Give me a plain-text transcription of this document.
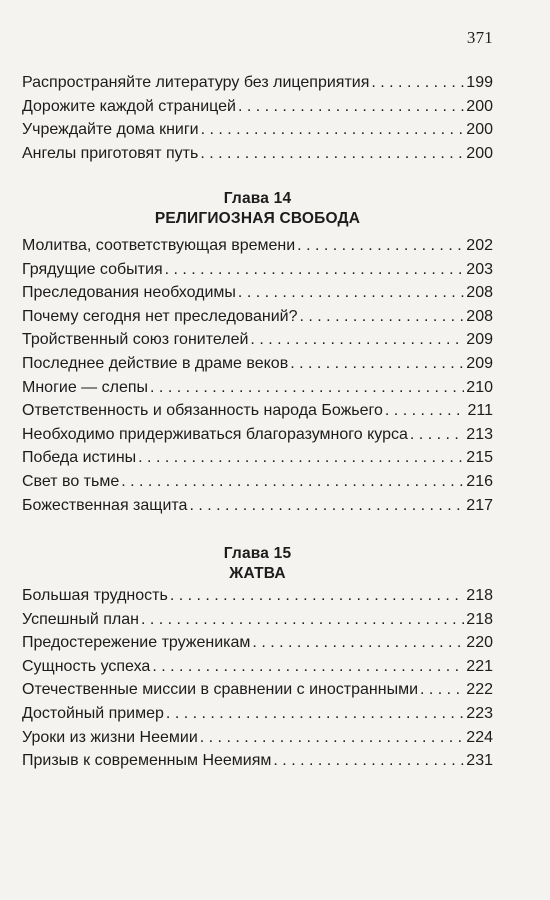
371
Распространяйте литературу без лицеприятия . . .	199
Дорожите каждой страницей . . .	200
Учреждайте дома книги . . .	200
Ангелы приготовят путь . . .	200
Глава 14
РЕЛИГИОЗНАЯ СВОБОДА
Молитва, соответствующая времени . . .	202
Грядущие события . . .	203
Преследования необходимы . . .	208
Почему сегодня нет преследований? . . .	208
Тройственный союз гонителей . . .	209
Последнее действие в драме веков . . .	209
Многие — слепы . . .	210
Ответственность и обязанность народа Божьего . . .	211
Необходимо придерживаться благоразумного курса . . .	213
Победа истины . . .	215
Свет во тьме . . .	216
Божественная защита . . .	217
Глава 15
ЖАТВА
Большая трудность . . .	218
Успешный план . . .	218
Предостережение труженикам . . .	220
Сущность успеха . . .	221
Отечественные миссии в сравнении с иностранными . . .	222
Достойный пример . . .	223
Уроки из жизни Неемии . . .	224
Призыв к современным Неемиям . . .	231
